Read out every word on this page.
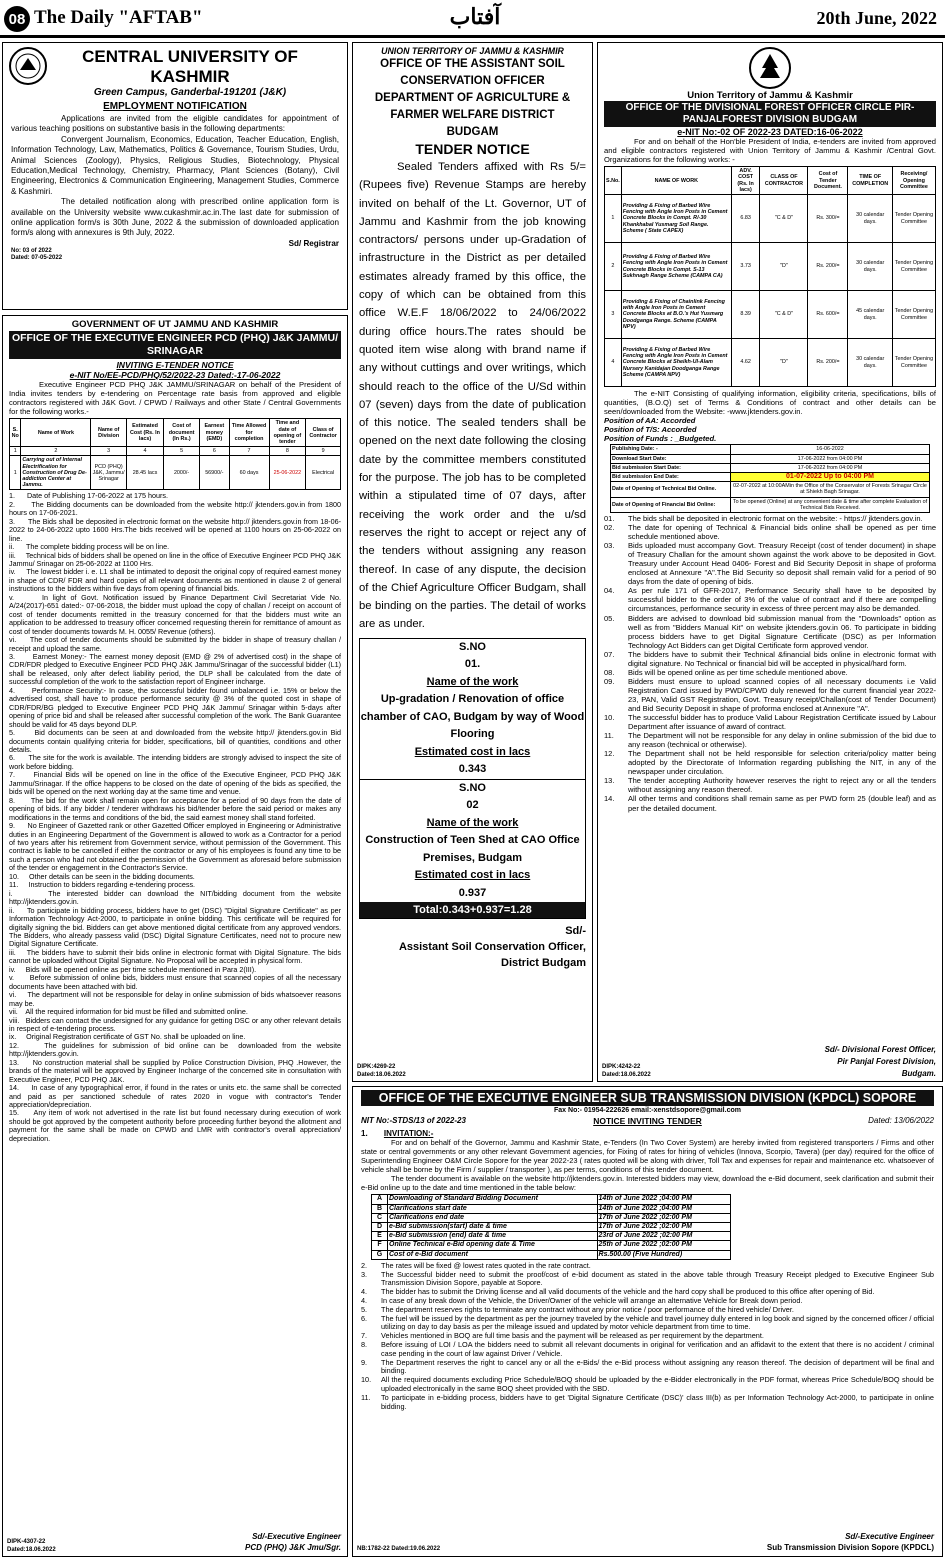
08 The Daily "AFTAB"	آفتاب	20th June, 2022
CENTRAL UNIVERSITY OF KASHMIR
Green Campus, Ganderbal-191201 (J&K)
EMPLOYMENT NOTIFICATION
Applications are invited from the eligible candidates for appointment of various teaching positions on substantive basis in the following departments:
Convergent Journalism, Economics, Education, Teacher Education, English, Information Technology, Law, Mathematics, Politics & Governance, Tourism Studies, Urdu, Animal Sciences (Zoology), Physics, Religious Studies, Biotechnology, Physical Education,Medical Technology, Chemistry, Pharmacy, Plant Sciences (Botany), Civil Engineering, Electronics & Communication Engineering, Management Studies, Commerce & Kashmiri.
The detailed notification along with prescribed online application form is available on the University website www.cukashmir.ac.in.The last date for submission of online application form/s is 30th June, 2022 & the submission of downloaded application form/s along with annexures is 9th July, 2022.
Sd/ Registrar
No: 03 of 2022
Dated: 07-05-2022
GOVERNMENT OF UT JAMMU AND KASHMIR
OFFICE OF THE EXECUTIVE ENGINEER PCD (PHQ) J&K JAMMU/ SRINAGAR
INVITING E-TENDER NOTICE
e-NIT No/EE-PCD/PHQ/52/2022-23 Dated:-17-06-2022
Executive Engineer PCD PHQ J&K JAMMU/SRINAGAR on behalf of the President of India invites tenders by e-tendering on Percentage rate basis from approved and eligible contractors registered with J&K Govt. / CPWD / Railways and other State / Central Governments for the following works.-
S. No	Name of Work	Name of Division	Estimated Cost (Rs. In lacs)	Cost of document (In Rs.)	Earnest money (EMD)	Time Allowed for completion	Time and date of opening of tender	Class of Contractor
1	2	3	4	5	6	7	8	9
1	Carrying out of Internal Electrification for Construction of Drug De-addiction Center at Jammu.	PCD (PHQ) J&K, Jammu/ Srinagar	28.45 lacs	2000/-	56900/-	60 days	25-06-2022	Electrical
1.      Date of Publishing 17-06-2022 at 175 hours.
2.      The Bidding documents can be downloaded from the website http:// jktenders.gov.in from 1800 hours on 17-06-2021.
3.      The Bids shall be deposited in electronic format on the website http:// jktenders.gov.in from 18-06-2022 to 24-06-2022 upto 1600 Hrs.The bids received will be opened at 1100 hours on 25-06-2022 on line.
ii.      The complete bidding process will be on line.
iii.     Technical bids of bidders shall be opened on line in the office of Executive Engineer PCD PHQ J&K Jammu/ Srinagar on 25-06-2022 at 1100 Hrs.
iv.     The lowest bidder i. e. L1 shall be intimated to deposit the original copy of required earnest money in shape of CDR/ FDR and hard copies of all relevant documents as mentioned in clause 2 of general instructions to the bidders within five days from opening of financial bids.
v.      In light of Govt. Notification issued by Finance Department Civil Secretariat Vide No. A/24(2017)-651 dated:- 07-06-2018, the bidder must upload the copy of challan / receipt on account of cost of tender documents remitted in the treasury concerned for that the bidders must write an application to be addressed to treasury officer concerned requesting therein for remittance of amount as cost of tender documents towards M. H. 0055/ Revenue (others).
vi.     The cost of tender documents should be submitted by the bidder in shape of treasury challan / receipt and upload the same.
3.      Earnest Money:- The earnest money deposit (EMD @ 2% of advertised cost) in the shape of CDR/FDR pledged to Executive Engineer PCD PHQ J&K Jammu/Srinagar of the successful bidder (L1) shall be released, only after defect liability period, the DLP shall be calculated from the date of successful completion of the work to the satisfaction report of Engineer incharge.
4.      Performance Security:- In case, the successful bidder found unbalanced i.e. 15% or below the advertised cost, shall have to produce performance security @ 3% of the quoted cost in shape of CDR/FDR/BG pledged to Executive Engineer PCD PHQ J&K Jammu/ Srinagar within 5-days after opening of price bid and shall be released after successful completion of the work. The Bank Guarantee should be valid for 45 days beyond DLP.
5.      Bid documents can be seen at and downloaded from the website http:// jktenders.gov.in Bid documents contain qualifying criteria for bidder, specifications, bill of quantities, conditions and other details.
6.      The site for the work is available. The intending bidders are strongly advised to inspect the site of work before bidding.
7.      Financial Bids will be opened on line in the office of the Executive Engineer, PCD PHQ J&K Jammu/Srinagar. If the office happens to be closed on the date of opening of the bids as specified, the bids will be opened on the next working day at the same time and venue.
8.      The bid for the work shall remain open for acceptance for a period of 90 days from the date of opening of bids. If any bidder / tenderer withdraws his bid/tender before the said period or makes any modifications in the terms and conditions of the bid, the said earnest money shall stand forfeited.
9.      No Engineer of Gazetted rank or other Gazetted Officer employed in Engineering or Administrative duties in an Engineering Department of the Government is allowed to work as a Contractor for a period of two years after his retirement from Government service, without permission of the Government. This contract is liable to be cancelled if either the contractor or any of his employees is found any time to be such a person who had not obtained the permission of the Government as aforesaid before submission of the tender or engagement in the Contractor's Service.
10.     Other details can be seen in the bidding documents.
11.     Instruction to bidders regarding e-tendering process.
i.      The interested bidder can download the NIT/bidding document from the website http://jktenders.gov.in.
ii.     To participate in bidding process, bidders have to get (DSC) "Digital Signature Certificate" as per Information Technology Act-2000, to participate in online bidding. This certificate will be required for digitally signing the bid. Bidders can get above mentioned digital certificate from any approved vendors. The Bidders, who already passess valid (DSC) Digital Signature Certificates, need not to procure new Digital Signature Certificate.
iii.    The bidders have to submit their bids online in electronic format with Digital Signature. The bids cannot be uploaded without Digital Signature. No Proposal will be accepted in physical form.
iv.     Bids will be opened online as per time schedule mentioned in Para 2(III).
v.      Before submission of online bids, bidders must ensure that scanned copies of all the necessary documents have been attached with bid.
vi.     The department will not be responsible for delay in online submission of bids whatsoever reasons may be.
vii.    All the required information for bid must be filled and submitted online.
viii.   Bidders can contact the undersigned for any guidance for getting DSC or any other relevant details in respect of e-tendering process.
ix.     Original Registration certificate of GST No. shall be uploaded on line.
12.     The guidelines for submission of bid online can be  downloaded from the website http://jktenders.gov.in.
13.     No construction material shall be supplied by Police Construction Division, PHQ .However, the brands of the material will be approved by Engineer Incharge of the concerned site in consultation with Executive Engineer, PCD PHQ J&K.
14.     In case of any typographical error, if found in the rates or units etc. the same shall be corrected and paid as per sanctioned schedule of rates 2020 in vogue with contractor's Tender appreciation/depreciation.
15.     Any item of work not advertised in the rate list but found necessary during execution of work should be got approved by the competent authority before proceeding further beyond the allotment and  payment for the same shall be made on CPWD and LMR with contractor's overall appreciation/ depreciation.
Sd/-Executive Engineer
PCD (PHQ) J&K Jmu/Sgr.
DIPK-4307-22
Dated:18.06.2022
UNION TERRITORY OF JAMMU & KASHMIR
OFFICE OF THE ASSISTANT SOIL CONSERVATION OFFICER DEPARTMENT OF AGRICULTURE & FARMER WELFARE DISTRICT BUDGAM
TENDER NOTICE
Sealed Tenders affixed with Rs 5/=(Rupees five) Revenue Stamps are hereby invited on behalf of the Lt. Governor, UT of Jammu and Kashmir from the job knowing contractors/ persons under up-Gradation of infrastructure in the District as per detailed estimates already framed by this office, the copy of which can be obtained from this office W.E.F 18/06/2022 to 24/06/2022 during office hours.The rates should be quoted item wise along with brand name if any without cuttings and over writings, which should reach to the office of the U/Sd within 07 (seven) days from the date of publication of this notice. The sealed tenders shall be opened on the next date following the closing date by the committee members constituted for the purpose. The job has to be completed within a stipulated time of 07 days, after receiving the work order and the u/sd reserves the right to accept or reject any of the tenders without assigning any reason thereof. In case of any dispute, the decision of the Chief Agriculture Officer Budgam, shall be binding on the parties. The detail of works are as under.
S.NO
01.
Name of the work
Up-gradation / Renovation of office chamber of CAO, Budgam by way of Wood Flooring
Estimated cost in lacs
0.343
S.NO
02
Name of the work
Construction of Teen Shed at CAO Office Premises, Budgam
Estimated cost in lacs
0.937
Total:0.343+0.937=1.28
Sd/-
Assistant Soil Conservation Officer,
District Budgam
DIPK:4269-22
Dated:18.06.2022
Union Territory of Jammu & Kashmir
OFFICE OF THE DIVISIONAL FOREST OFFICER CIRCLE PIR-PANJALFOREST DIVISION BUDGAM
e-NIT No:-02 OF 2022-23 DATED:16-06-2022
For and on behalf of the Hon'ble President of India, e-tenders are invited from approved and eligible contractors registered with Union Territory of Jammu & Kashmir /Central Govt. Organizations for the following works: -
S.No.	NAME OF WORK	ADV. COST (Rs. In lacs)	CLASS OF CONTRACTOR	Cost of Tender Document.	TIME OF COMPLETION	Receiving/ Opening Committee
1	Providing & Fixing of Barbed Wire Fencing with Angle Iron Posts in Cement Concrete Blocks in Compt. R/-30 Khankhabal Yusmarg Soil Range. Scheme ( State CAPEX)	6.83	"C & D"	Rs. 300/=	30 calendar days.	Tender Opening Committee
2	Providing & Fixing of Barbed Wire Fencing with Angle Iron Posts in Cement Concrete Blocks in Compt. S-13 Sukhnagh Range Scheme (CAMPA CA)	3.73	"D"	Rs. 200/=	30 calendar days.	Tender Opening Committee
3	Providing & Fixing of Chainlink Fencing with Angle Iron Posts in Cement Concrete Blocks at B.O.'s Hut Yusmarg Doodganga Range. Scheme (CAMPA NPV)	8.39	"C & D"	Rs. 600/=	45 calendar days.	Tender Opening Committee
4	Providing & Fixing of Barbed Wire Fencing with Angle Iron Posts in Cement Concrete Blocks at Sheikh-Ul-Alam Nursery Kanidajan Doodganga Range Scheme (CAMPA NPV)	4.62	"D"	Rs. 200/=	30 calendar days.	Tender Opening Committee
The e-NIT Consisting of qualifying information, eligibility criteria, specifications, bills of quantities, (B.O.Q) set of Terms & Conditions of contract and other details can be seen/downloaded from the Website: -www.jktenders.gov.in.
Position of AA: Accorded
Position of T/S: Accorded
Position of Funds : _Budgeted.
Publishing Date: -	16-06-2022
Download Start Date:	17-06-2022 from 04:00 PM
Bid submission Start Date:	17-06-2022 from 04:00 PM
Bid submission End Date:	01-07-2022 Up to 04:00 PM
Date of Opening of Technical Bid Online.	02-07-2022 at 10:00AMin the Office of the Conservator of Forests Srinagar Circle at Shiekh Bagh Srinagar.
Date of Opening of Financial Bid Online:	To be opened (Online) at any convenient date & time after complete Evaluation of Technical Bids Received.
01.	The bids shall be deposited in electronic format on the website: - https:// jktenders.gov.in.
02.	The date for opening of Technical & Financial bids online shall be opened as per time schedule mentioned above.
03.	Bids uploaded must accompany Govt. Treasury Receipt (cost of tender document) in shape of Treasury Challan for the amount shown against the work above to be deposited in Govt. Treasury under Account Head 0406- Forest and Bid Security Deposit in shape of proforma enclosed at Annexure "A".The Bid Security so deposit shall remain valid for a period of 90 days from the date of opening of bids.
04.	As per rule 171 of GFR-2017, Performance Security shall have to be deposited by successful bidder to the order of 3% of the value of contract and if there are compelling circumstances, performance security in excess of three percent may also be demanded.
05.	Bidders are advised to download bid submission manual from the "Downloads" option as well as from "Bidders Manual Kit" on website jktenders.gov.in 06. To participate in bidding process bidders have to get Digital Signature Certificate (DSC) as per Information Technology Act Bidders can get Digital Certificate form approved vendor.
07.	The bidders have to submit their Technical &financial bids online in electronic format with digital signature. No Technical or financial bid will be accepted in physical/hard form.
08.	Bids will be opened online as per time schedule mentioned above.
09.	Bidders must ensure to upload scanned copies of all necessary documents i.e Valid Registration Card issued by PWD/CPWD duly renewed for the current financial year 2022-23, PAN, Valid GST Registration, Govt. Treasury receipt/Challan(cost of Tender Document) and Bid Security Deposit in shape of proforma enclosed at Annexure "A".
10.	The successful bidder has to produce Valid Labour Registration Certificate issued by Labour Department after issuance of award of contract.
11.	The Department will not be responsible for any delay in online submission of the bid due to any reason (technical or otherwise).
12.	The Department shall not be held responsible for selection criteria/policy matter being adopted by the Directorate of Information regarding publishing the NIT, in any of the newspaper under circulation.
13.	The tender accepting Authority however reserves the right to reject any or all the tenders without assigning any reason thereof.
14.	All other terms and conditions shall remain same as per PWD form 25 (double leaf) and as per the detailed document.
Sd/- Divisional Forest Officer,
Pir Panjal Forest Division,
Budgam.
DIPK:4242-22
Dated:18.06.2022
OFFICE OF THE EXECUTIVE ENGINEER SUB TRANSMISSION DIVISION (KPDCL) SOPORE
Fax No:- 01954-222626 email:-xenstdsopore@gmail.com
NIT No:-STDS/13 of 2022-23	NOTICE INVITING TENDER	Dated: 13/06/2022
1. INVITATION:-
For and on behalf of the Governor, Jammu and Kashmir State, e-Tenders (In Two Cover System) are hereby invited from registered transporters / Firms and other state or central governments or any other relevant Government agencies, for Fixing of rates for hiring of vehicles (Innova, Scorpio, Tavera) (per day) required for the office of Superintending Engineer O&M Circle Sopore for the year 2022-23 ( rates quoted will be along with driver, Toll Tax and expenses for repair and maintenance etc. whatsoever of vehicle shall be borne by the Firm / supplier / transporter ), as per terms, conditions of this tender document.
The tender document is available on the website http://jktenders.gov.in. Interested bidders may view, download the e-Bid document, seek clarification and submit their e-Bid online up to the date and time mentioned in the table below:
A	Downloading of Standard Bidding Document	14th of June 2022 ;04:00 PM
B	Clarifications start date	14th of June 2022 ;04:00 PM
C	Clarifications end date	17th of June 2022 ;02:00 PM
D	e-Bid submission(start) date & time	17th of June 2022 ;02:00 PM
E	e-Bid submission (end) date & time	23rd of June 2022 ;02:00 PM
F	Online Technical e-Bid opening date & Time	25th of June 2022 ;02:00 PM
G	Cost of e-Bid document	Rs.500.00 (Five Hundred)
2.	The rates will be fixed @ lowest rates quoted in the rate contract.
3.	The Successful bidder need to submit the proof/cost of e-bid document as stated in the above table through Treasury Receipt pledged to Executive Engineer Sub Transmission Division Sopore, payable at Sopore.
4.	The bidder has to submit the Driving license and all valid documents of the vehicle and the hard copy shall be produced to this office after opening of Bid.
4.	In case of any break down of the Vehicle, the Driver/Owner of the vehicle will arrange an alternative Vehicle for Break down period.
5.	The department reserves rights to terminate any contract without any prior notice / poor performance of the hired vehicle/ Driver.
6.	The fuel will be issued by the department as per the journey traveled by the vehicle and travel journey dully entered in log book and signed by the concerned officer / official utilizing on day to day basis as per the mileage issued and updated by motor vehicle department from time to time.
7.	Vehicles mentioned in BOQ are full time basis and the payment will be released as per requirement by the department.
8.	Before issuing of LOI / LOA the bidders need to submit all relevant documents in original for verification and an affidavit to the extent that there is no accident / criminal case pending in the court of law against Driver / Vehicle.
9.	The Department reserves the right to cancel any or all the e-Bids/ the e-Bid process without assigning any reason thereof. The decision of department will be final and binding.
10.	All the required documents excluding Price Schedule/BOQ should be uploaded by the e-Bidder electronically in the PDF format, whereas Price Schedule/BOQ should be uploaded electronically in the same BOQ sheet provided with the SBD.
11.	To participate in e-bidding process, bidders have to get 'Digital Signature Certificate (DSC)' class III(b) as per Information Technology Act-2000, to participate in online bidding.
Sd/-Executive Engineer
Sub Transmission Division Sopore (KPDCL)
NB:1782-22 Dated:19.06.2022
